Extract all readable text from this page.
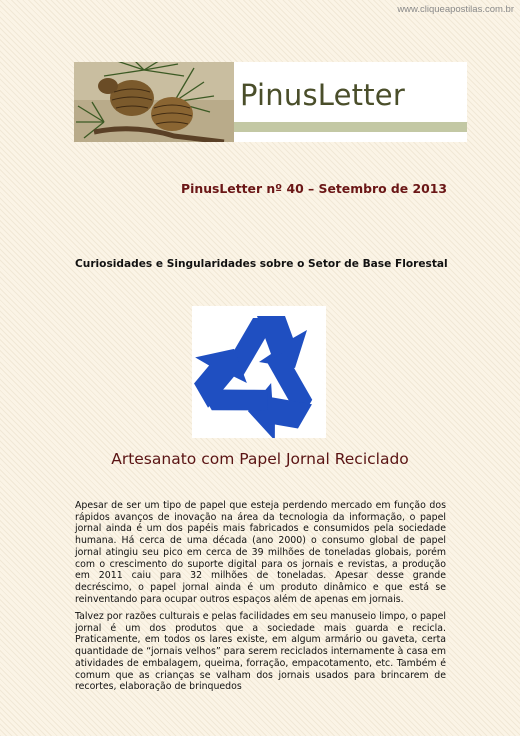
www.cliqueapostilas.com.br
PinusLetter
PinusLetter nº 40 – Setembro de 2013
Curiosidades e Singularidades sobre o Setor de Base Florestal
Artesanato com Papel Jornal Reciclado

Apesar de ser um tipo de papel que esteja perdendo mercado em função dos rápidos avanços de inovação na área da tecnologia da informação, o papel jornal ainda é um dos papéis mais fabricados e consumidos pela sociedade humana. Há cerca de uma década (ano 2000) o consumo global de papel jornal atingiu seu pico em cerca de 39 milhões de toneladas globais, porém com o crescimento do suporte digital para os jornais e revistas, a produção em 2011 caiu para 32 milhões de toneladas. Apesar desse grande decréscimo, o papel jornal ainda é um produto dinâmico e que está se reinventando para ocupar outros espaços além de apenas em jornais.

Talvez por razões culturais e pelas facilidades em seu manuseio limpo, o papel jornal é um dos produtos que a sociedade mais guarda e recicla. Praticamente, em todos os lares existe, em algum armário ou gaveta, certa quantidade de “jornais velhos” para serem reciclados internamente à casa em atividades de embalagem, queima, forração, empacotamento, etc. Também é comum que as crianças se valham dos jornais usados para brincarem de recortes, elaboração de brinquedos
